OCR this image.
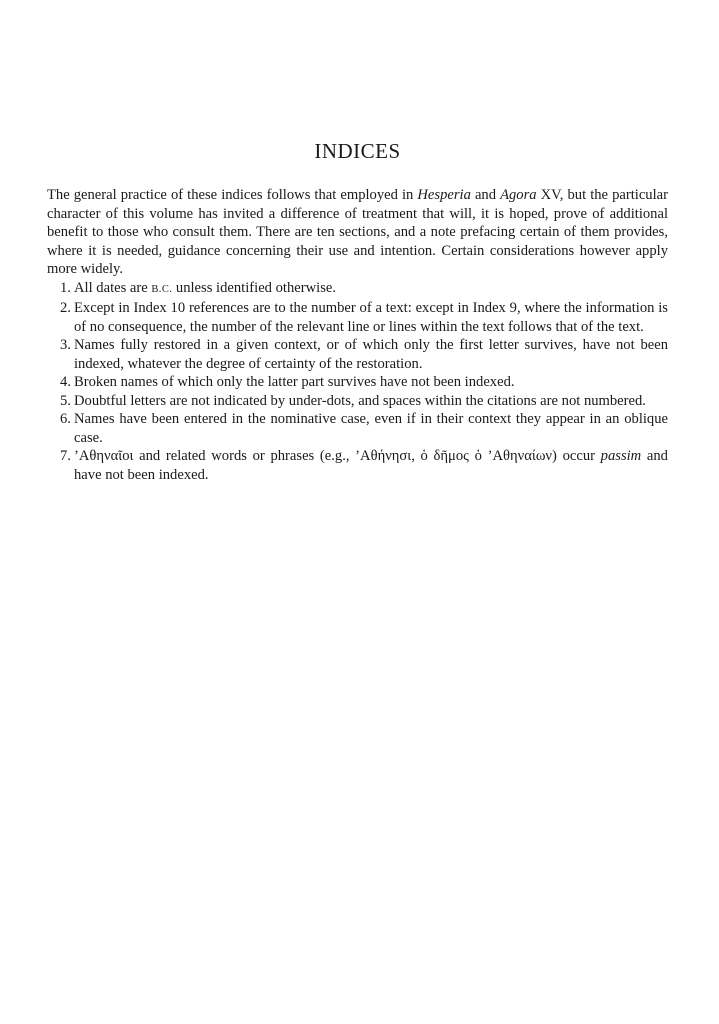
INDICES

The general practice of these indices follows that employed in Hesperia and Agora XV, but the particular character of this volume has invited a difference of treatment that will, it is hoped, prove of additional benefit to those who consult them. There are ten sections, and a note prefacing certain of them provides, where it is needed, guidance concerning their use and intention. Certain considerations however apply more widely.

1. All dates are B.C. unless identified otherwise.
2. Except in Index 10 references are to the number of a text: except in Index 9, where the information is of no consequence, the number of the relevant line or lines within the text follows that of the text.
3. Names fully restored in a given context, or of which only the first letter survives, have not been indexed, whatever the degree of certainty of the restoration.
4. Broken names of which only the latter part survives have not been indexed.
5. Doubtful letters are not indicated by under-dots, and spaces within the citations are not numbered.
6. Names have been entered in the nominative case, even if in their context they appear in an oblique case.
7. ’Αθηναῖοι and related words or phrases (e.g., ’Αθήνησι, ὁ δῆμος ὁ ’Αθηναίων) occur passim and have not been indexed.
